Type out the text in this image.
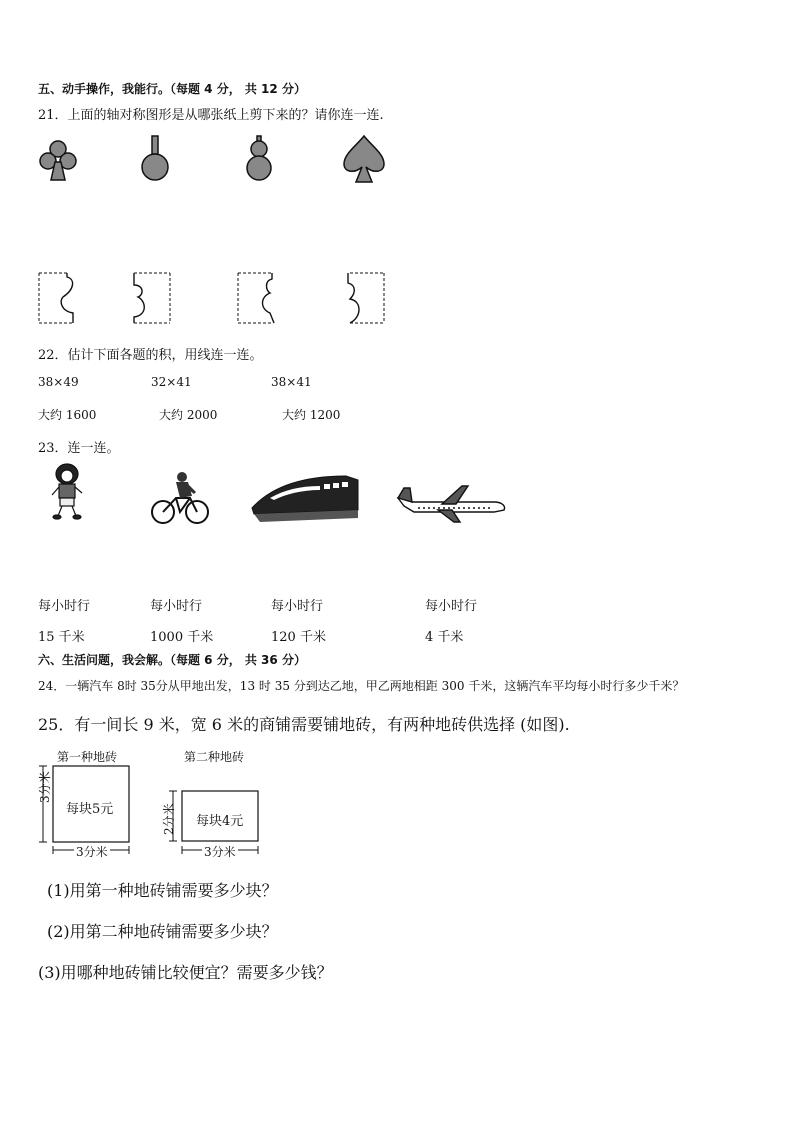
五、动手操作，我能行。（每题 4 分， 共 12 分）
21．上面的轴对称图形是从哪张纸上剪下来的？请你连一连.
22．估计下面各题的积，用线连一连。
38×49	32×41	38×41
大约 1600	大约 2000	大约 1200
23．连一连。
每小时行	每小时行	每小时行	每小时行
15 千米	1000 千米	120 千米	4 千米
六、生活问题，我会解。（每题 6 分， 共 36 分）
24．一辆汽车 8时 35分从甲地出发，13 时 35 分到达乙地，甲乙两地相距 300 千米，这辆汽车平均每小时行多少千米？
25．有一间长 9 米，宽 6 米的商铺需要铺地砖，有两种地砖供选择 (如图).
第一种地砖
每块5元
3分米
3分米
第二种地砖
每块4元
2分米
3分米
(1)用第一种地砖铺需要多少块？
(2)用第二种地砖铺需要多少块？
(3)用哪种地砖铺比较便宜？需要多少钱？
